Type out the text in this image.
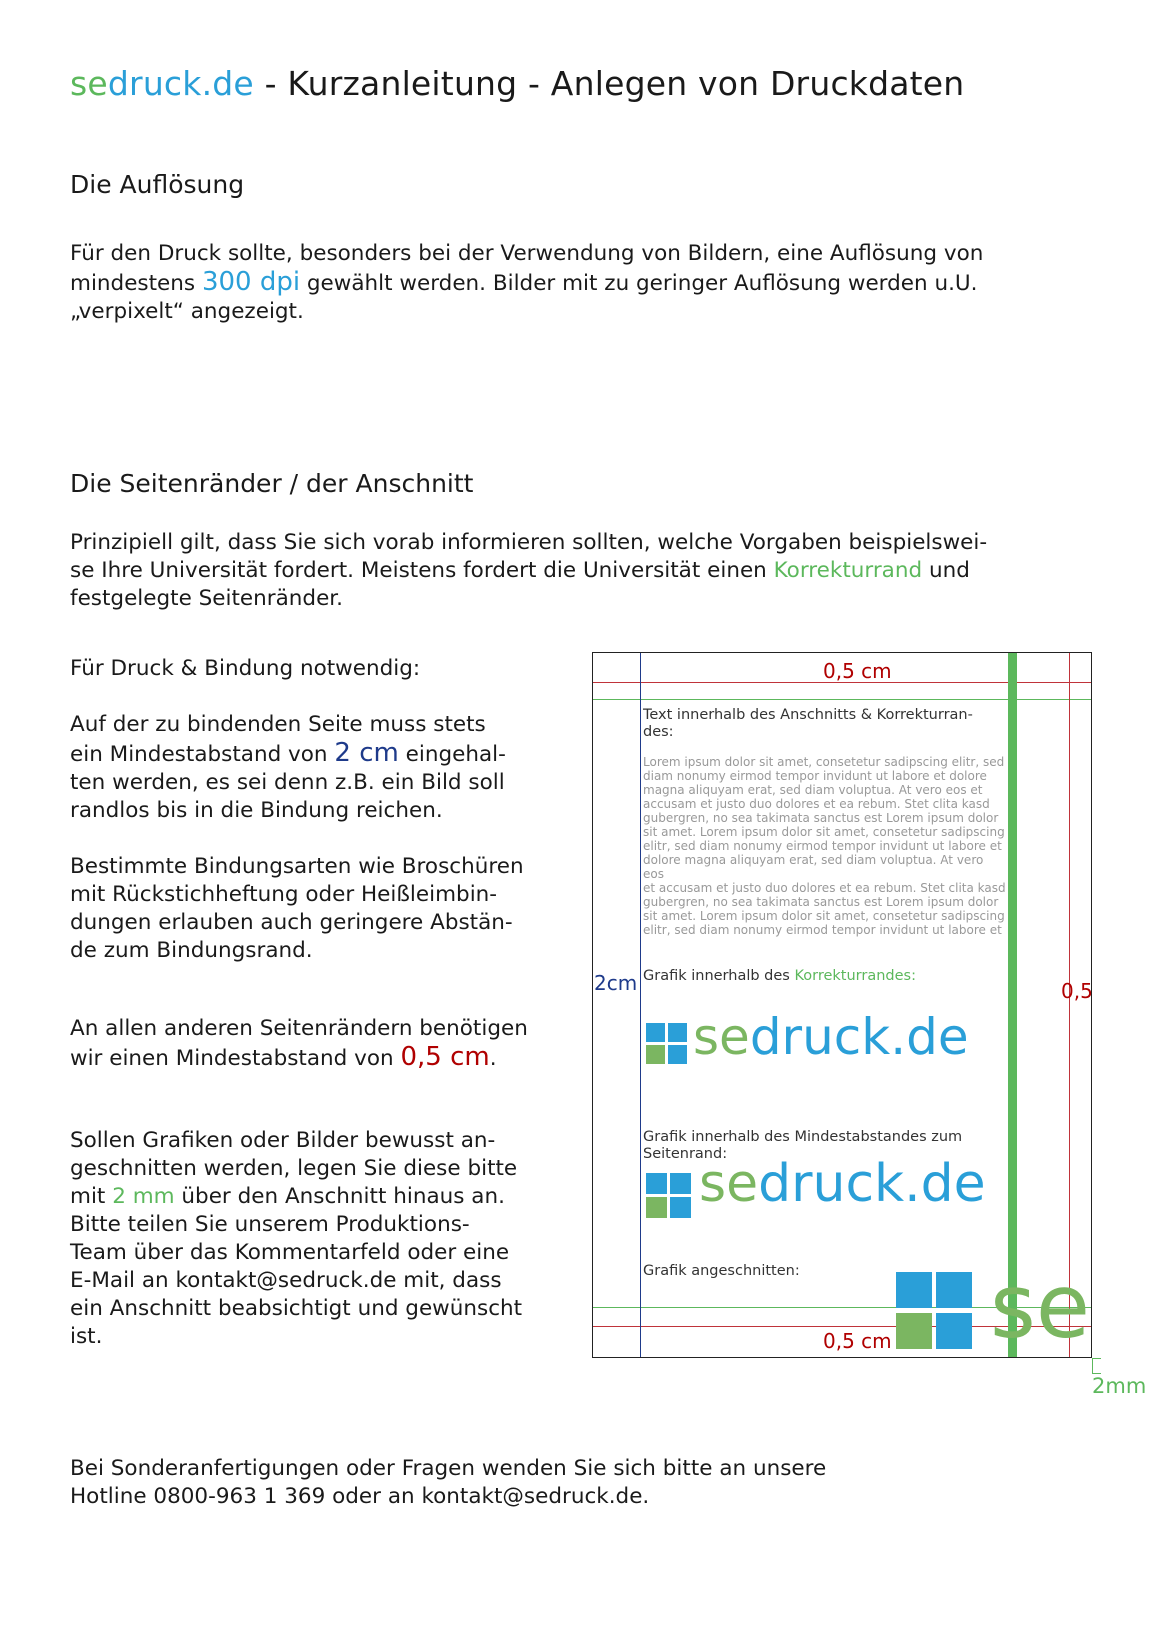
sedruck.de - Kurzanleitung - Anlegen von Druckdaten
Die Auflösung
Für den Druck sollte, besonders bei der Verwendung von Bildern, eine Auflösung von
mindestens 300 dpi gewählt werden. Bilder mit zu geringer Auflösung werden u.U.
„verpixelt“ angezeigt.
Die Seitenränder / der Anschnitt
Prinzipiell gilt, dass Sie sich vorab informieren sollten, welche Vorgaben beispielswei-
se Ihre Universität fordert. Meistens fordert die Universität einen Korrekturrand und
festgelegte Seitenränder.
Für Druck & Bindung notwendig:
Auf der zu bindenden Seite muss stets
ein Mindestabstand von 2 cm eingehal-
ten werden, es sei denn z.B. ein Bild soll
randlos bis in die Bindung reichen.
Bestimmte Bindungsarten wie Broschüren
mit Rückstichheftung oder Heißleimbin-
dungen erlauben auch geringere Abstän-
de zum Bindungsrand.
An allen anderen Seitenrändern benötigen
wir einen Mindestabstand von 0,5 cm.
Sollen Grafiken oder Bilder bewusst an-
geschnitten werden, legen Sie diese bitte
mit 2 mm über den Anschnitt hinaus an.
Bitte teilen Sie unserem Produktions-
Team über das Kommentarfeld oder eine
E-Mail an kontakt@sedruck.de mit, dass
ein Anschnitt beabsichtigt und gewünscht
ist.
0,5 cm
0,5 cm
2cm	0,5
Text innerhalb des Anschnitts & Korrekturran-
des:
Lorem ipsum dolor sit amet, consetetur sadipscing elitr, sed
diam nonumy eirmod tempor invidunt ut labore et dolore
magna aliquyam erat, sed diam voluptua. At vero eos et
accusam et justo duo dolores et ea rebum. Stet clita kasd
gubergren, no sea takimata sanctus est Lorem ipsum dolor
sit amet. Lorem ipsum dolor sit amet, consetetur sadipscing
elitr, sed diam nonumy eirmod tempor invidunt ut labore et
dolore magna aliquyam erat, sed diam voluptua. At vero eos
et accusam et justo duo dolores et ea rebum. Stet clita kasd
gubergren, no sea takimata sanctus est Lorem ipsum dolor
sit amet. Lorem ipsum dolor sit amet, consetetur sadipscing
elitr, sed diam nonumy eirmod tempor invidunt ut labore et
Grafik innerhalb des Korrekturrandes:
sedruck.de
Grafik innerhalb des Mindestabstandes zum
Seitenrand:
sedruck.de
Grafik angeschnitten: se
2mm
Bei Sonderanfertigungen oder Fragen wenden Sie sich bitte an unsere
Hotline 0800-963 1 369 oder an kontakt@sedruck.de.
